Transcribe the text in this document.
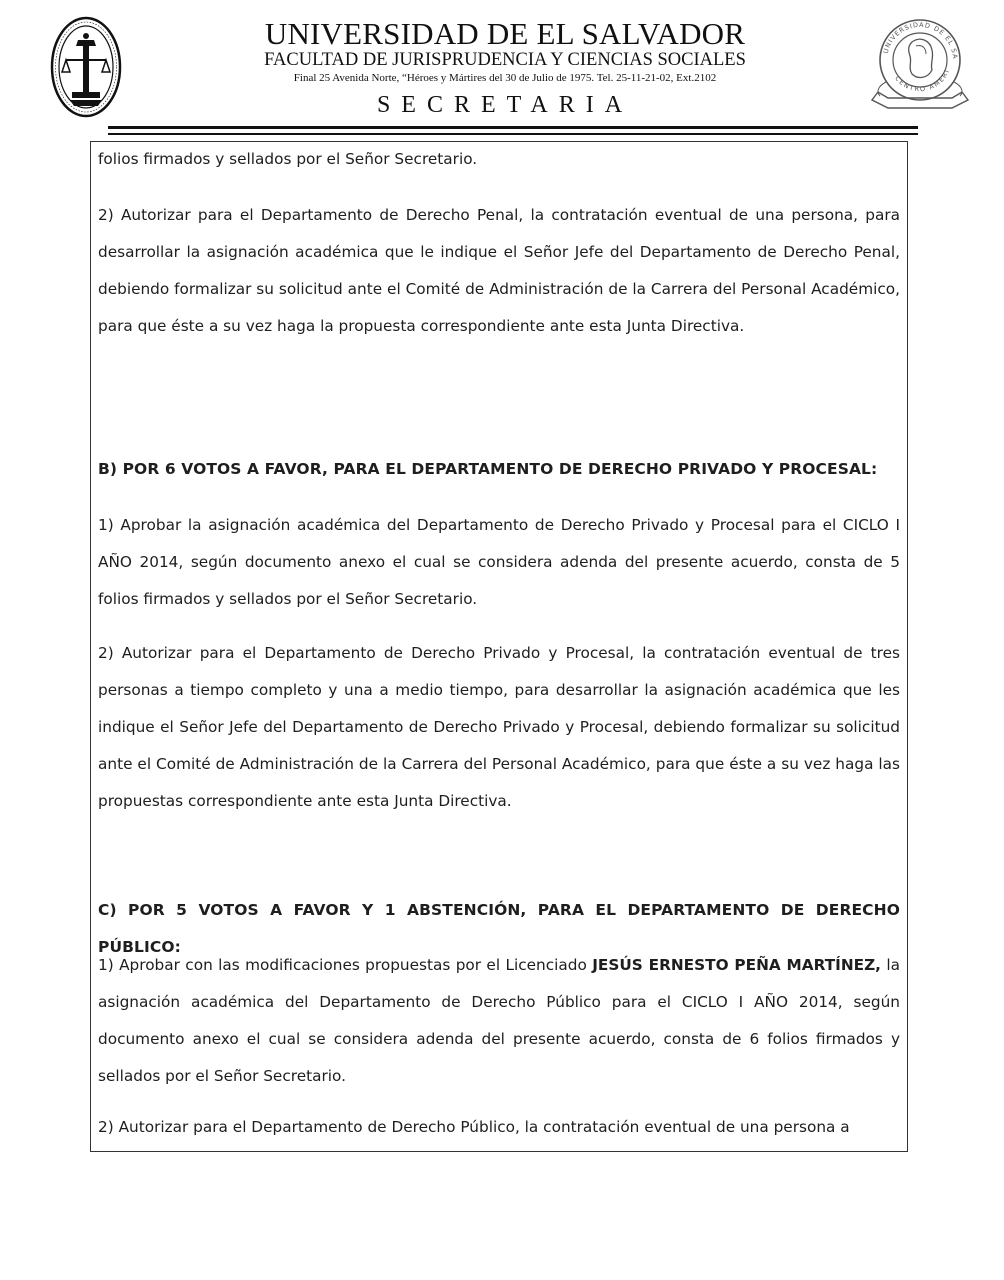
UNIVERSIDAD DE EL SALVADOR
FACULTAD DE JURISPRUDENCIA Y CIENCIAS SOCIALES
Final 25 Avenida Norte, “Héroes y Mártires del 30 de Julio de 1975. Tel. 25-11-21-02, Ext.2102
SECRETARIA
UNIVERSIDAD DE EL SA
CENTRO AMERI

folios firmados y sellados por el Señor Secretario.

2) Autorizar para el Departamento de Derecho Penal, la contratación eventual de una persona, para desarrollar la asignación académica que le indique el Señor Jefe del Departamento de Derecho Penal, debiendo formalizar su solicitud ante el Comité de Administración de la Carrera del Personal Académico, para que éste a su vez haga la propuesta correspondiente ante esta Junta Directiva.

B) POR 6 VOTOS A FAVOR, PARA EL DEPARTAMENTO DE DERECHO PRIVADO Y PROCESAL:

1) Aprobar la asignación académica del Departamento de Derecho Privado y Procesal para el CICLO I AÑO 2014, según documento anexo el cual se considera adenda del presente acuerdo, consta de 5 folios firmados y sellados por el Señor Secretario.

2) Autorizar para el Departamento de Derecho Privado y Procesal, la contratación eventual de tres personas a tiempo completo y una a medio tiempo, para desarrollar la asignación académica que les indique el Señor Jefe del Departamento de Derecho Privado y Procesal, debiendo formalizar su solicitud ante el Comité de Administración de la Carrera del Personal Académico, para que éste a su vez haga las propuestas correspondiente ante esta Junta Directiva.

C) POR 5 VOTOS A FAVOR Y 1 ABSTENCIÓN, PARA EL DEPARTAMENTO DE DERECHO PÚBLICO:

1) Aprobar con las modificaciones propuestas por el Licenciado JESÚS ERNESTO PEÑA MARTÍNEZ, la asignación académica del Departamento de Derecho Público para el CICLO I AÑO 2014, según documento anexo el cual se considera adenda del presente acuerdo, consta de 6 folios firmados y sellados por el Señor Secretario.

2) Autorizar para el Departamento de Derecho Público, la contratación eventual de una persona a
